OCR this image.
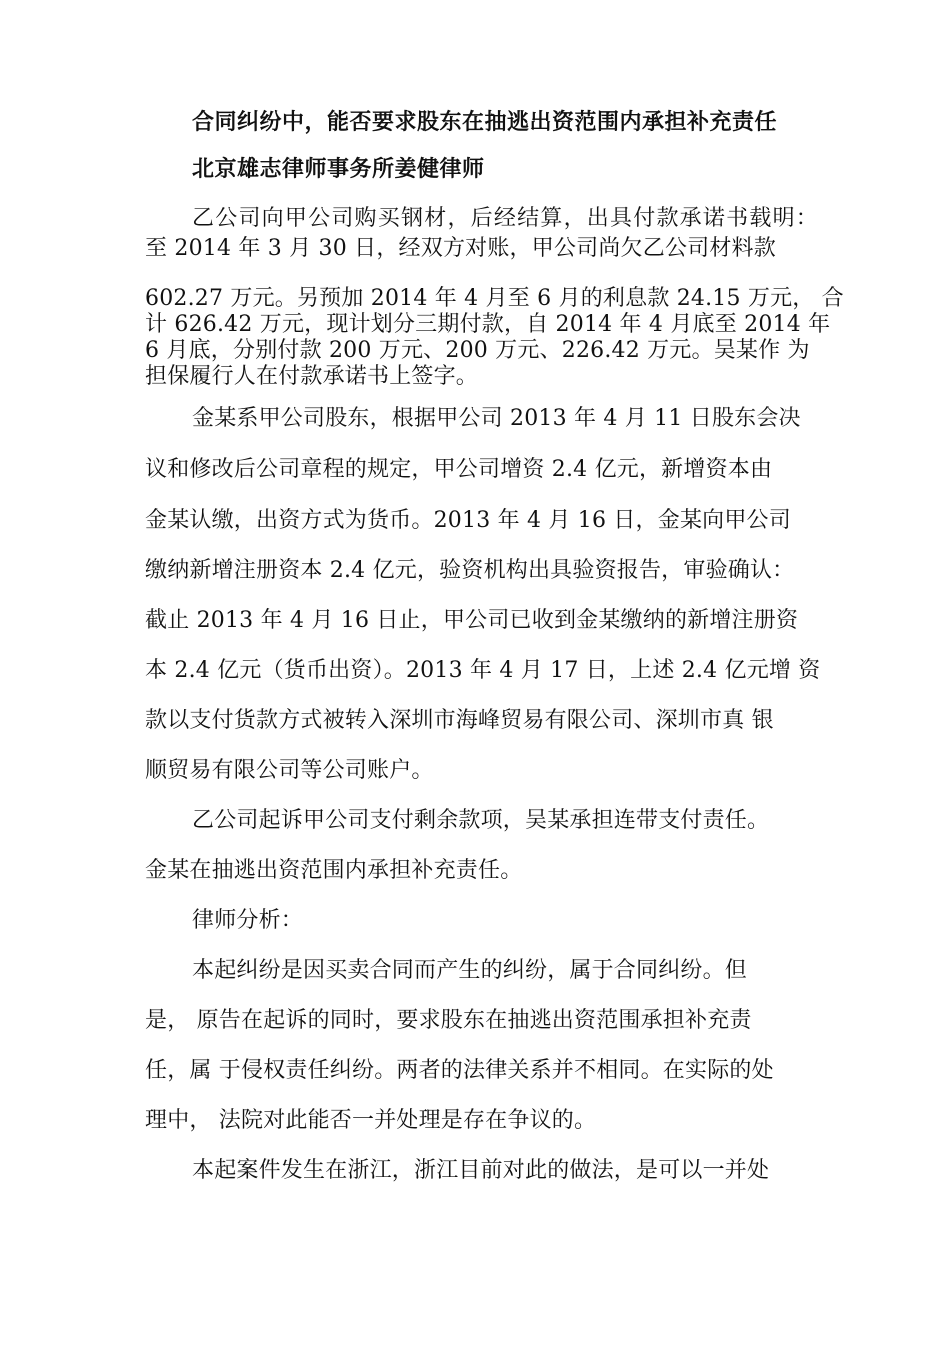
合同纠纷中，能否要求股东在抽逃出资范围内承担补充责任
北京雄志律师事务所姜健律师
乙公司向甲公司购买钢材，后经结算，出具付款承诺书载明：
至 2014 年 3 月 30 日，经双方对账，甲公司尚欠乙公司材料款
602.27 万元。另预加 2014 年 4 月至 6 月的利息款 24.15 万元， 合
计 626.42 万元，现计划分三期付款，自 2014 年 4 月底至 2014 年
6 月底，分别付款 200 万元、200 万元、226.42 万元。吴某作 为
担保履行人在付款承诺书上签字。
金某系甲公司股东，根据甲公司 2013 年 4 月 11 日股东会决
议和修改后公司章程的规定，甲公司增资 2.4 亿元，新增资本由
金某认缴，出资方式为货币。2013 年 4 月 16 日，金某向甲公司
缴纳新增注册资本 2.4 亿元，验资机构出具验资报告，审验确认：
截止 2013 年 4 月 16 日止，甲公司已收到金某缴纳的新增注册资
本 2.4 亿元（货币出资）。2013 年 4 月 17 日，上述 2.4 亿元增 资
款以支付货款方式被转入深圳市海峰贸易有限公司、深圳市真 银
顺贸易有限公司等公司账户。
乙公司起诉甲公司支付剩余款项，吴某承担连带支付责任。
金某在抽逃出资范围内承担补充责任。
律师分析：
本起纠纷是因买卖合同而产生的纠纷，属于合同纠纷。但
是， 原告在起诉的同时，要求股东在抽逃出资范围承担补充责
任，属 于侵权责任纠纷。两者的法律关系并不相同。在实际的处
理中， 法院对此能否一并处理是存在争议的。
本起案件发生在浙江，浙江目前对此的做法，是可以一并处
